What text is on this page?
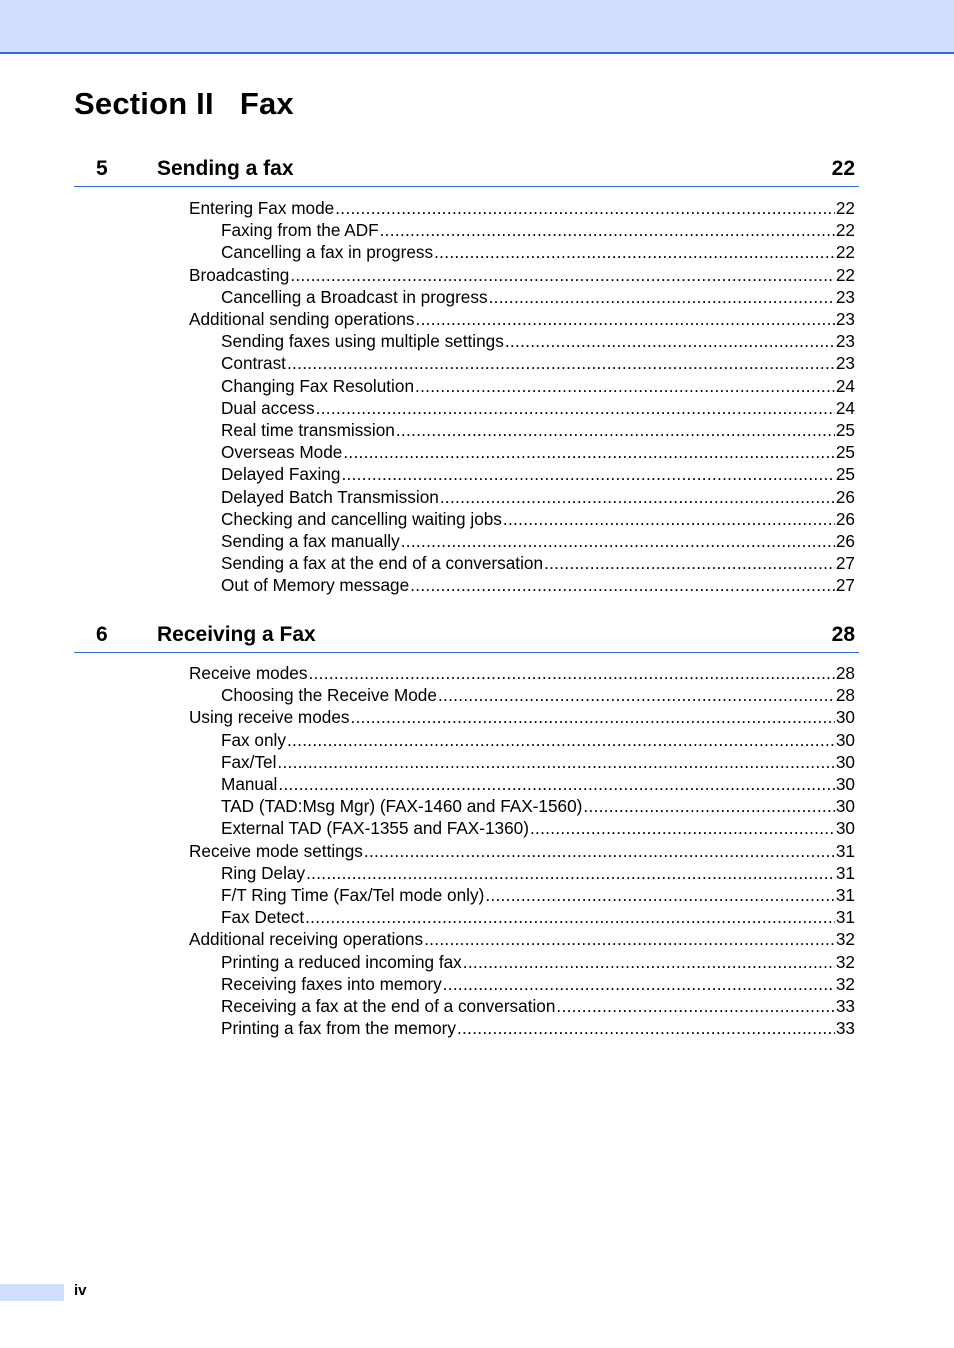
Section II Fax
5 Sending a fax	22
Entering Fax mode .....	22
Faxing from the ADF .....	22
Cancelling a fax in progress .....	22
Broadcasting .....	22
Cancelling a Broadcast in progress .....	23
Additional sending operations .....	23
Sending faxes using multiple settings .....	23
Contrast .....	23
Changing Fax Resolution .....	24
Dual access .....	24
Real time transmission .....	25
Overseas Mode .....	25
Delayed Faxing .....	25
Delayed Batch Transmission .....	26
Checking and cancelling waiting jobs .....	26
Sending a fax manually .....	26
Sending a fax at the end of a conversation .....	27
Out of Memory message .....	27
6 Receiving a Fax	28
Receive modes .....	28
Choosing the Receive Mode .....	28
Using receive modes .....	30
Fax only .....	30
Fax/Tel .....	30
Manual .....	30
TAD (TAD:Msg Mgr) (FAX-1460 and FAX-1560) .....	30
External TAD (FAX-1355 and FAX-1360) .....	30
Receive mode settings .....	31
Ring Delay .....	31
F/T Ring Time (Fax/Tel mode only) .....	31
Fax Detect .....	31
Additional receiving operations .....	32
Printing a reduced incoming fax .....	32
Receiving faxes into memory .....	32
Receiving a fax at the end of a conversation .....	33
Printing a fax from the memory .....	33
iv
